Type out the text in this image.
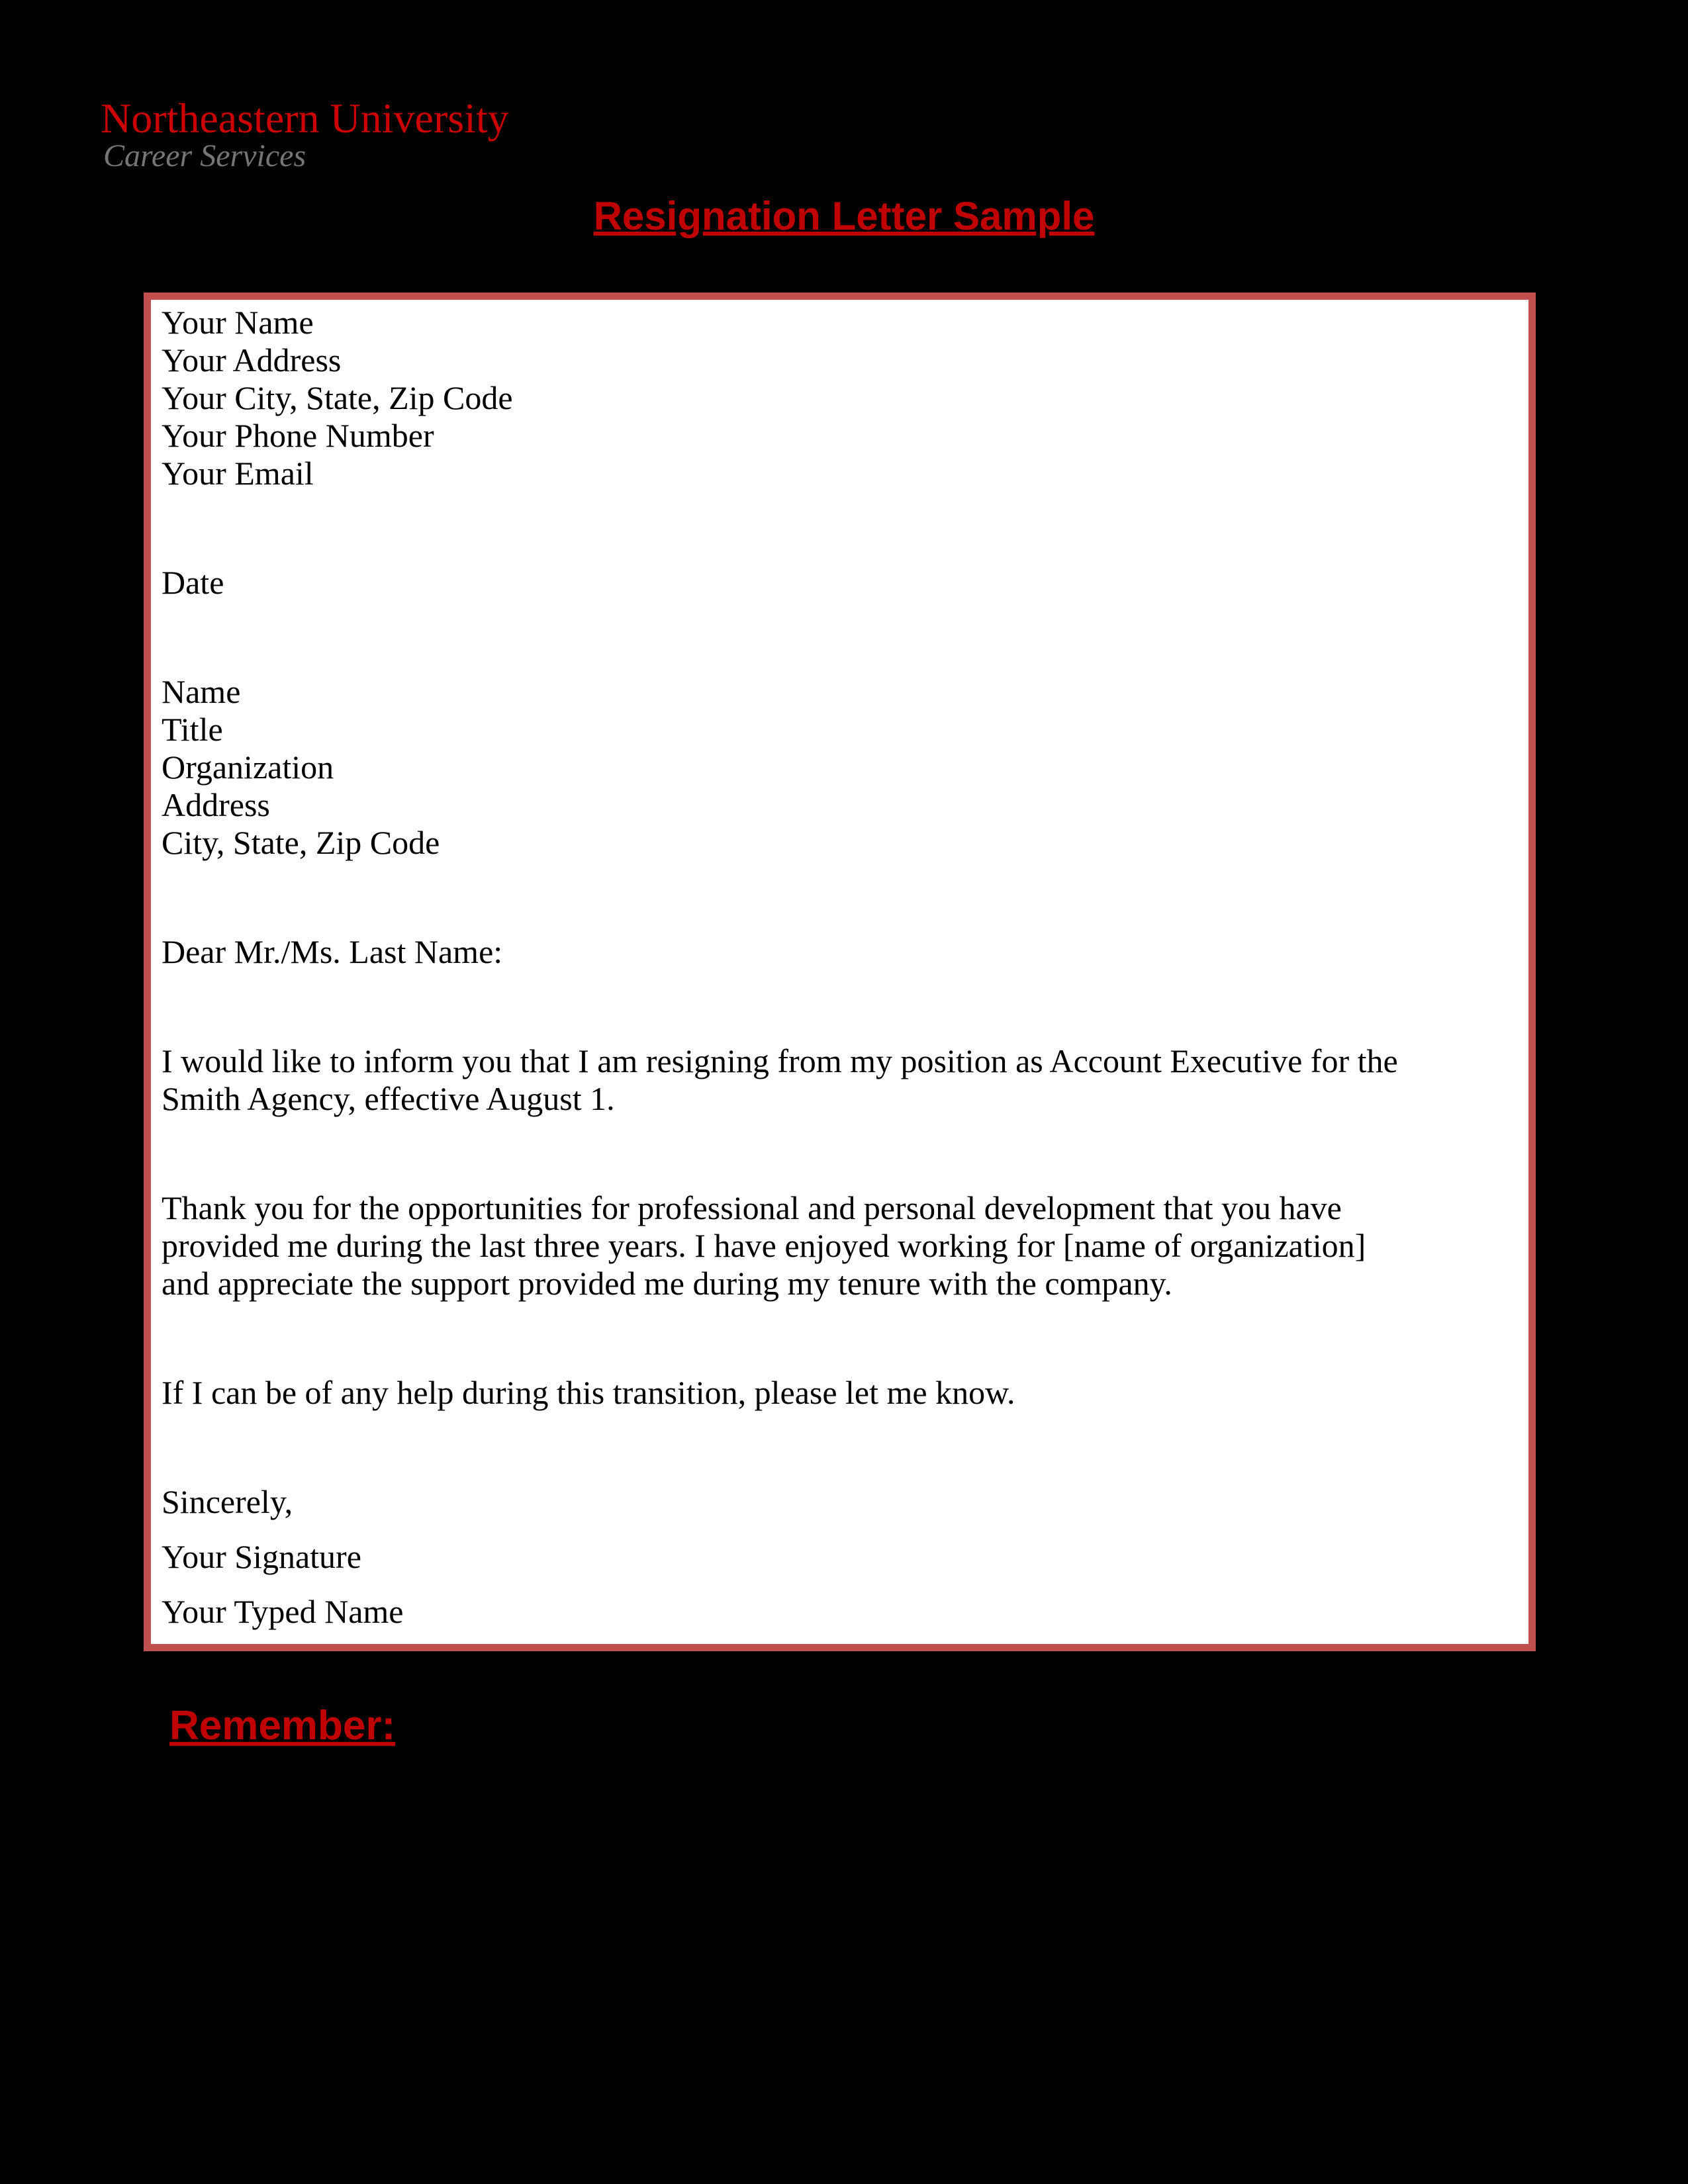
Northeastern University
Career Services
Resignation Letter Sample
Your Name
Your Address
Your City, State, Zip Code
Your Phone Number
Your Email
Date
Name
Title
Organization
Address
City, State, Zip Code
Dear Mr./Ms. Last Name:
I would like to inform you that I am resigning from my position as Account Executive for the
Smith Agency, effective August 1.
Thank you for the opportunities for professional and personal development that you have
provided me during the last three years. I have enjoyed working for [name of organization]
and appreciate the support provided me during my tenure with the company.
If I can be of any help during this transition, please let me know.
Sincerely,
Your Signature
Your Typed Name
Remember:
